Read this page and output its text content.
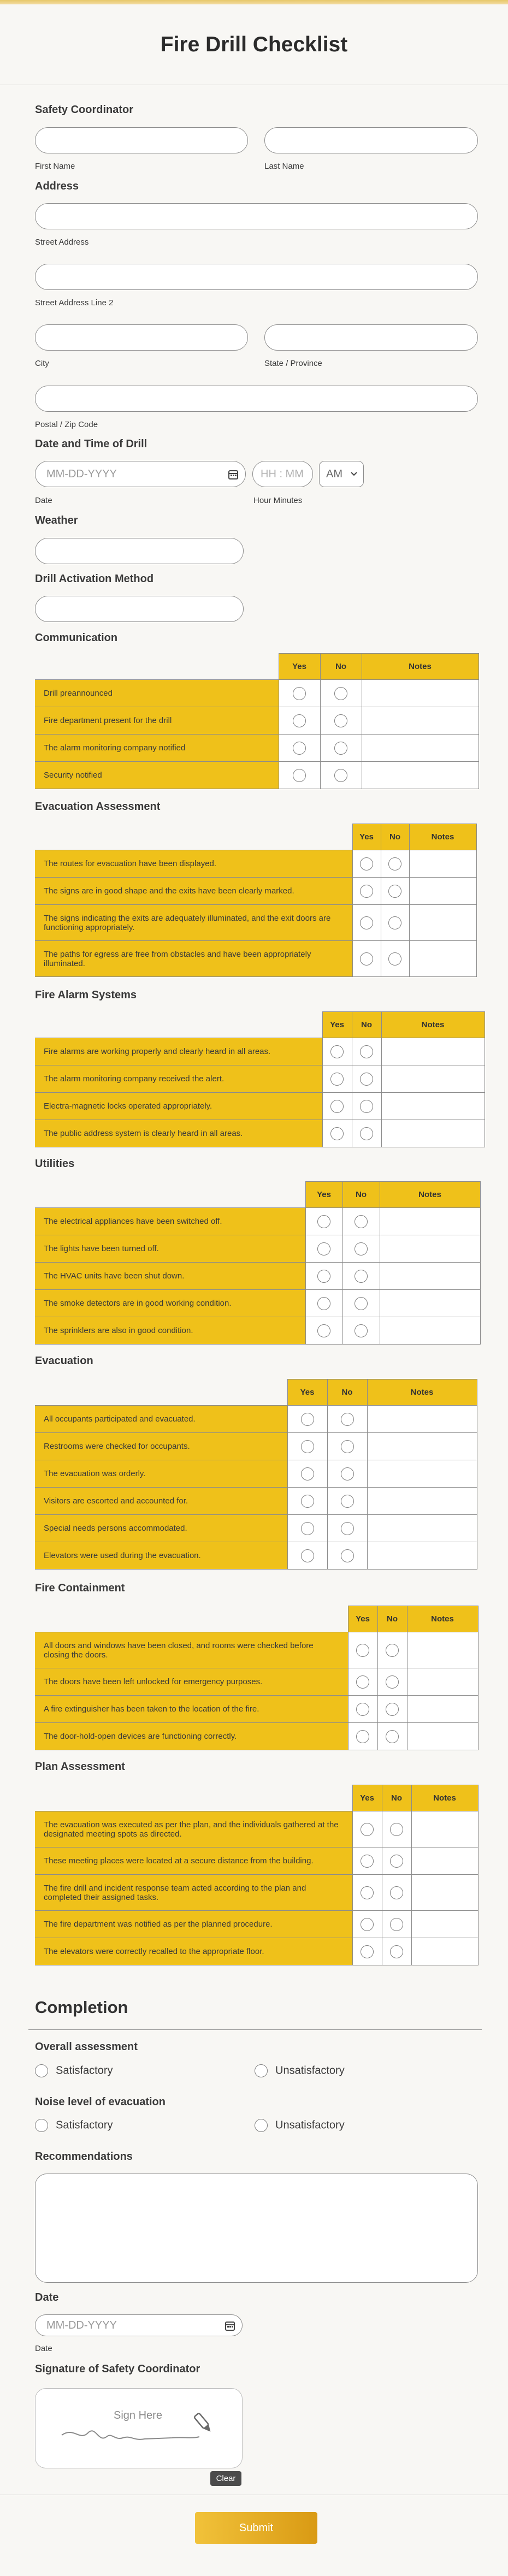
Fire Drill Checklist
Safety Coordinator
First Name	Last Name
Address
Street Address
Street Address Line 2
City	State / Province
Postal / Zip Code
Date and Time of Drill
MM-DD-YYYY
Date
HH : MM	AM
Hour Minutes
Weather
Drill Activation Method
Communication
	Yes	No	Notes
Drill preannounced			
Fire department present for the drill			
The alarm monitoring company notified			
Security notified			
Evacuation Assessment
	Yes	No	Notes
The routes for evacuation have been displayed.			
The signs are in good shape and the exits have been clearly marked.			
The signs indicating the exits are adequately illuminated, and the exit doors are functioning appropriately.			
The paths for egress are free from obstacles and have been appropriately illuminated.			
Fire Alarm Systems
	Yes	No	Notes
Fire alarms are working properly and clearly heard in all areas.			
The alarm monitoring company received the alert.			
Electra-magnetic locks operated appropriately.			
The public address system is clearly heard in all areas.			
Utilities
	Yes	No	Notes
The electrical appliances have been switched off.			
The lights have been turned off.			
The HVAC units have been shut down.			
The smoke detectors are in good working condition.			
The sprinklers are also in good condition.			
Evacuation
	Yes	No	Notes
All occupants participated and evacuated.			
Restrooms were checked for occupants.			
The evacuation was orderly.			
Visitors are escorted and accounted for.			
Special needs persons accommodated.			
Elevators were used during the evacuation.			
Fire Containment
	Yes	No	Notes
All doors and windows have been closed, and rooms were checked before closing the doors.			
The doors have been left unlocked for emergency purposes.			
A fire extinguisher has been taken to the location of the fire.			
The door-hold-open devices are functioning correctly.			
Plan Assessment
	Yes	No	Notes
The evacuation was executed as per the plan, and the individuals gathered at the designated meeting spots as directed.			
These meeting places were located at a secure distance from the building.			
The fire drill and incident response team acted according to the plan and completed their assigned tasks.			
The fire department was notified as per the planned procedure.			
The elevators were correctly recalled to the appropriate floor.			
Completion
Overall assessment
Satisfactory	Unsatisfactory
Noise level of evacuation
Satisfactory	Unsatisfactory
Recommendations
Date
MM-DD-YYYY
Date
Signature of Safety Coordinator
Sign Here
Clear
Submit
